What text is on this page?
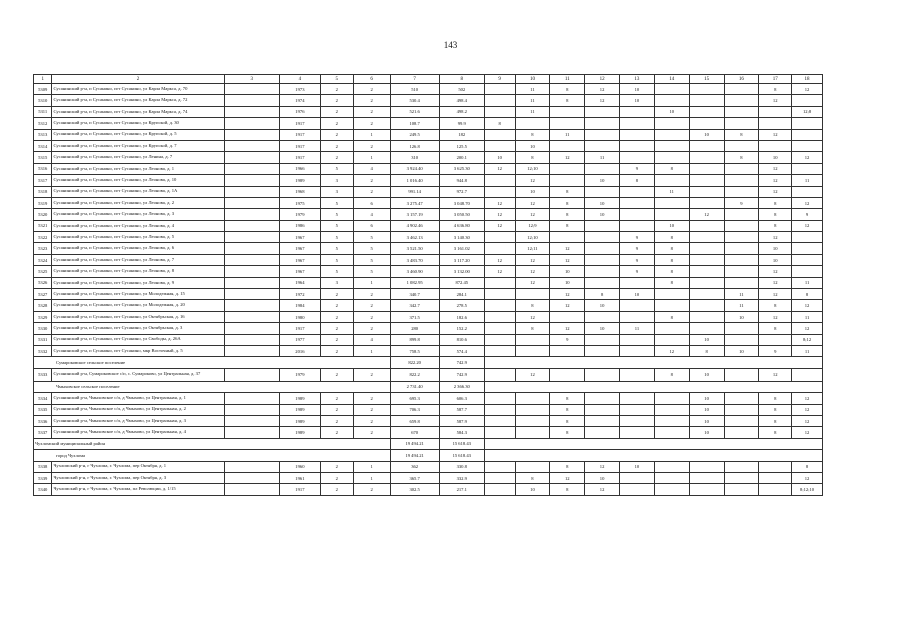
143
1	2	3	4	5	6	7	8	9	10	11	12	13	14	15	16	17	18
5309	Сусанинский р-н, п Сусанино, пгт Сусанино, ул Карла Маркса, д. 70		1973	2	2	510	502		11	8	12	10				8	12
5310	Сусанинский р-н, п Сусанино, пгт Сусанино, ул Карла Маркса, д. 72		1974	2	2	530.4	498.4		11	8	12	10				12	
5311	Сусанинский р-н, п Сусанино, пгт Сусанино, ул Карла Маркса, д. 74		1976	2	2	521.6	498.2		11				10				12;8
5312	Сусанинский р-н, п Сусанино, пгт Сусанино, ул Крупской, д. 30		1917	2	2	108.7	99.9	8									
5313	Сусанинский р-н, п Сусанино, пгт Сусанино, ул Крупской, д. 5		1917	2	1	249.5	182		8	11				10	8	12	
5314	Сусанинский р-н, п Сусанино, пгт Сусанино, ул Крупской, д. 7		1917	2	2	126.8	125.5		10								
5315	Сусанинский р-н, п Сусанино, пгт Сусанино, ул Ленина, д. 7		1917	2	1	310	200.1	10	8	12	11				8	10	12
5316	Сусанинский р-н, п Сусанино, пгт Сусанино, ул Леонова, д. 1		1966	5	4	3 924.40	3 625.30	12	12;10			9	8			12	
5317	Сусанинский р-н, п Сусанино, пгт Сусанино, ул Леонова, д. 10		1989	3	2	1 016.40	944.8		12		10	8				12	11
5318	Сусанинский р-н, п Сусанино, пгт Сусанино, ул Леонова, д. 1А		1968	3	2	991.14	972.7		10	8			11			12	
5319	Сусанинский р-н, п Сусанино, пгт Сусанино, ул Леонова, д. 2		1975	5	6	3 275.47	3 048.70	12	12	8	10				9	8	12
5320	Сусанинский р-н, п Сусанино, пгт Сусанино, ул Леонова, д. 3		1979	5	4	3 157.19	3 050.50	12	12	8	10			12		8	9
5321	Сусанинский р-н, п Сусанино, пгт Сусанино, ул Леонова, д. 4		1986	5	6	4 902.46	4 636.80	12	12;9	8			10			8	12
5322	Сусанинский р-н, п Сусанино, пгт Сусанино, ул Леонова, д. 5		1967	5	5	3 462.13	3 140.30		12;10			9	8			12	
5323	Сусанинский р-н, п Сусанино, пгт Сусанино, ул Леонова, д. 6		1967	5	5	3 521.50	3 161.02		12;11	12		9	8			10	
5324	Сусанинский р-н, п Сусанино, пгт Сусанино, ул Леонова, д. 7		1967	5	5	3 483.70	3 117.20	12	12	12		9	8			10	
5325	Сусанинский р-н, п Сусанино, пгт Сусанино, ул Леонова, д. 8		1967	5	5	3 460.90	3 132.00	12	12	10		9	8			12	
5326	Сусанинский р-н, п Сусанино, пгт Сусанино, ул Леонова, д. 9		1964	3	1	1 082.95	872.45		12	10			8			12	11
5327	Сусанинский р-н, п Сусанино, пгт Сусанино, ул Молодежная, д. 15		1972	2	2	340.7	284.1			12	8	10			11	12	8
5328	Сусанинский р-н, п Сусанино, пгт Сусанино, ул Молодежная, д. 20		1984	2	2	342.7	278.5		8	12	10				11	8	12
5329	Сусанинский р-н, п Сусанино, пгт Сусанино, ул Октябрьская, д. 16		1980	2	2	371.5	182.6		12				8		10	12	11
5330	Сусанинский р-н, п Сусанино, пгт Сусанино, ул Октябрьская, д. 3		1917	2	2	280	152.2		8	12	10	11				8	12
5331	Сусанинский р-н, п Сусанино, пгт Сусанино, ул Свободы, д. 26А		1977	2	4	899.8	810.6			9				10			8;12
5332	Сусанинский р-н, п Сусанино, пгт Сусанино, мкр Восточный, д. 5		2016	2	1	758.5	574.4						12	8	10	9	11
Сумароковское сельское поселение						822.20	742.9										
5333	Сусанинский р-н, Сумароковское с/п, с. Сумароково, ул Центральная, д. 37		1979	2	2	822.2	742.9		12				8	10		12	
Чмыховское сельское поселение						2 731.40	2 366.30										
5334	Сусанинский р-н, Чмыховское с/п, д Чмыхово, ул Центральная, д. 1		1989	2	2	695.3	606.3			8				10		8	12
5335	Сусанинский р-н, Чмыховское с/п, д Чмыхово, ул Центральная, д. 2		1989	2	2	706.3	587.7			8				10		8	12
5336	Сусанинский р-н, Чмыховское с/п, д Чмыхово, ул Центральная, д. 3		1989	2	2	659.8	587.9			8				10		8	12
5337	Сусанинский р-н, Чмыховское с/п, д Чмыхово, ул Центральная, д. 4		1989	2	2	670	584.3			8				10		8	12
Чухломский муниципальный район						19 494.21	15 618.43										
город Чухлома						19 494.21	15 618.43										
5338	Чухломский р-н, г Чухлома, г. Чухлома, пер Октября, д. 1		1960	2	1	362	330.8			8	12	10					8
5339	Чухломский р-н, г Чухлома, г. Чухлома, пер Октября, д. 3		1961	2	1	365.7	332.9		8	12	10						12
5340	Чухломский р-н, г Чухлома, г. Чухлома, пл Революции, д. 1/15		1917	2	2	302.5	217.1		10	8	12						8;12;10
